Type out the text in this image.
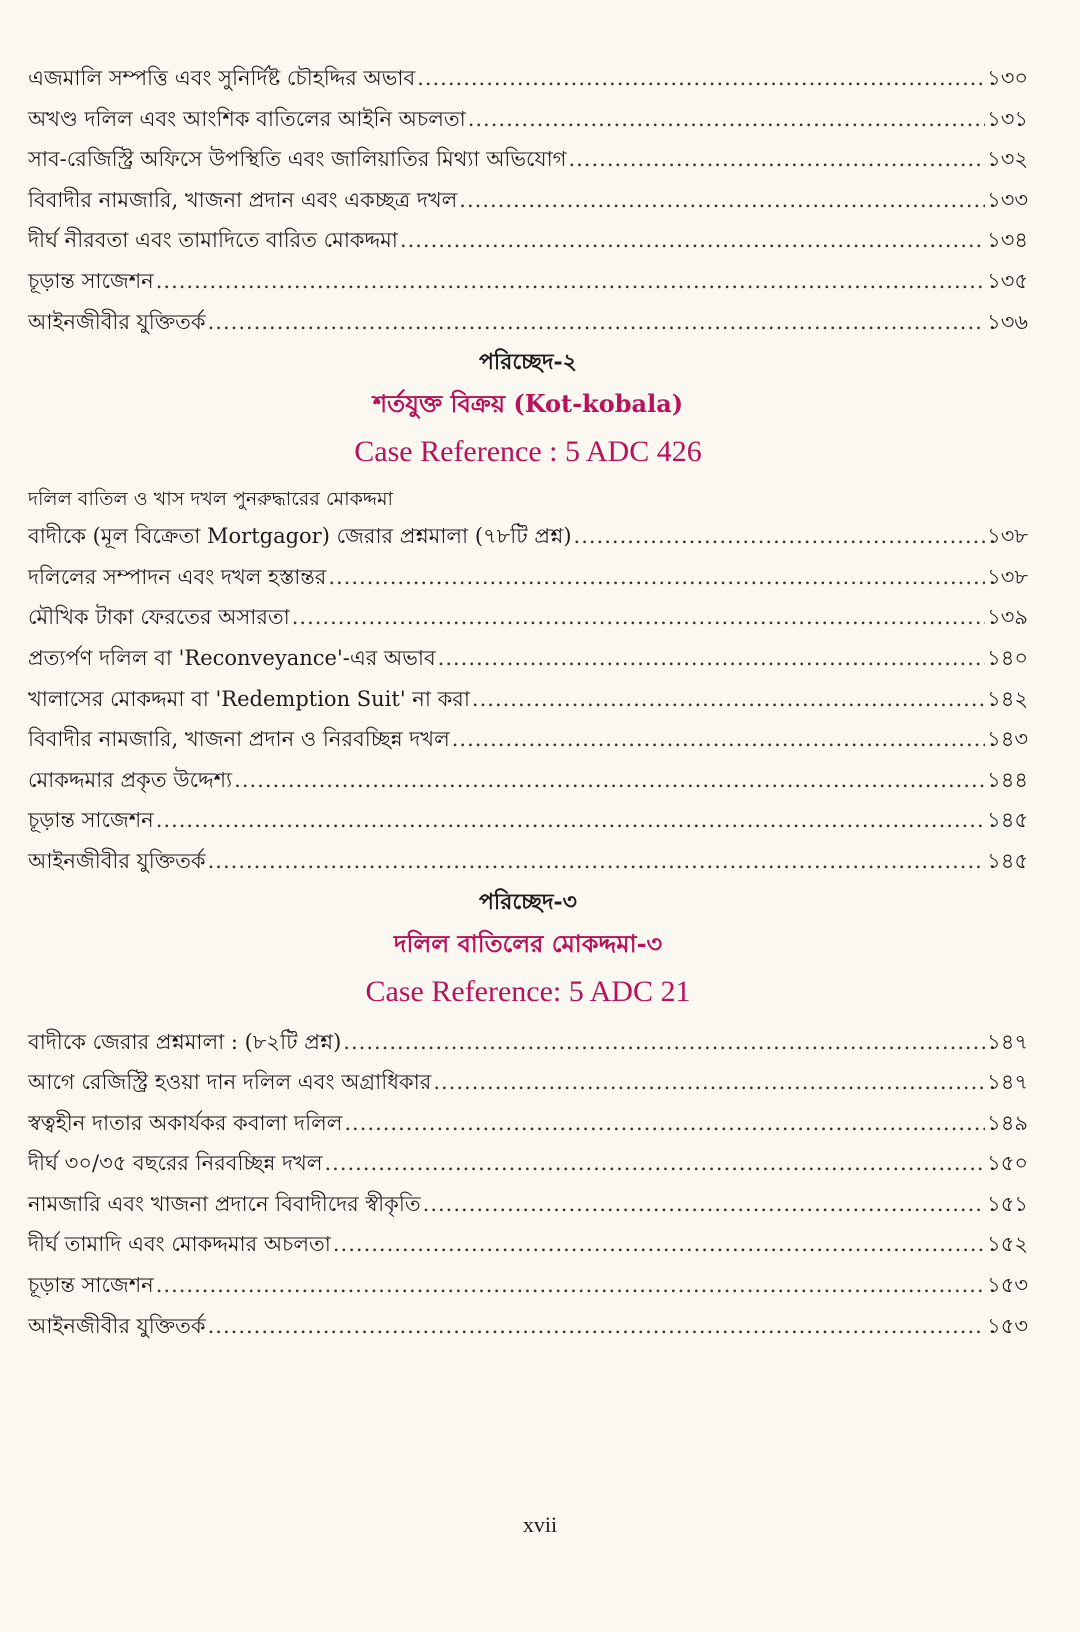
এজমালি সম্পত্তি এবং সুনির্দিষ্ট চৌহদ্দির অভাব .....	১৩০
অখণ্ড দলিল এবং আংশিক বাতিলের আইনি অচলতা .....	১৩১
সাব-রেজিস্ট্রি অফিসে উপস্থিতি এবং জালিয়াতির মিথ্যা অভিযোগ .....	১৩২
বিবাদীর নামজারি, খাজনা প্রদান এবং একচ্ছত্র দখল .....	১৩৩
দীর্ঘ নীরবতা এবং তামাদিতে বারিত মোকদ্দমা .....	১৩৪
চূড়ান্ত সাজেশন .....	১৩৫
আইনজীবীর যুক্তিতর্ক .....	১৩৬
পরিচ্ছেদ-২
শর্তযুক্ত বিক্রয় (Kot-kobala)
Case Reference : 5 ADC 426
দলিল বাতিল ও খাস দখল পুনরুদ্ধারের মোকদ্দমা
বাদীকে (মূল বিক্রেতা Mortgagor) জেরার প্রশ্নমালা (৭৮টি প্রশ্ন) .....	১৩৮
দলিলের সম্পাদন এবং দখল হস্তান্তর .....	১৩৮
মৌখিক টাকা ফেরতের অসারতা .....	১৩৯
প্রত্যর্পণ দলিল বা 'Reconveyance'-এর অভাব .....	১৪০
খালাসের মোকদ্দমা বা 'Redemption Suit' না করা .....	১৪২
বিবাদীর নামজারি, খাজনা প্রদান ও নিরবচ্ছিন্ন দখল .....	১৪৩
মোকদ্দমার প্রকৃত উদ্দেশ্য .....	১৪৪
চূড়ান্ত সাজেশন .....	১৪৫
আইনজীবীর যুক্তিতর্ক .....	১৪৫
পরিচ্ছেদ-৩
দলিল বাতিলের মোকদ্দমা-৩
Case Reference: 5 ADC 21
বাদীকে জেরার প্রশ্নমালা : (৮২টি প্রশ্ন) .....	১৪৭
আগে রেজিস্ট্রি হওয়া দান দলিল এবং অগ্রাধিকার .....	১৪৭
স্বত্বহীন দাতার অকার্যকর কবালা দলিল .....	১৪৯
দীর্ঘ ৩০/৩৫ বছরের নিরবচ্ছিন্ন দখল .....	১৫০
নামজারি এবং খাজনা প্রদানে বিবাদীদের স্বীকৃতি .....	১৫১
দীর্ঘ তামাদি এবং মোকদ্দমার অচলতা .....	১৫২
চূড়ান্ত সাজেশন .....	১৫৩
আইনজীবীর যুক্তিতর্ক .....	১৫৩
xvii
